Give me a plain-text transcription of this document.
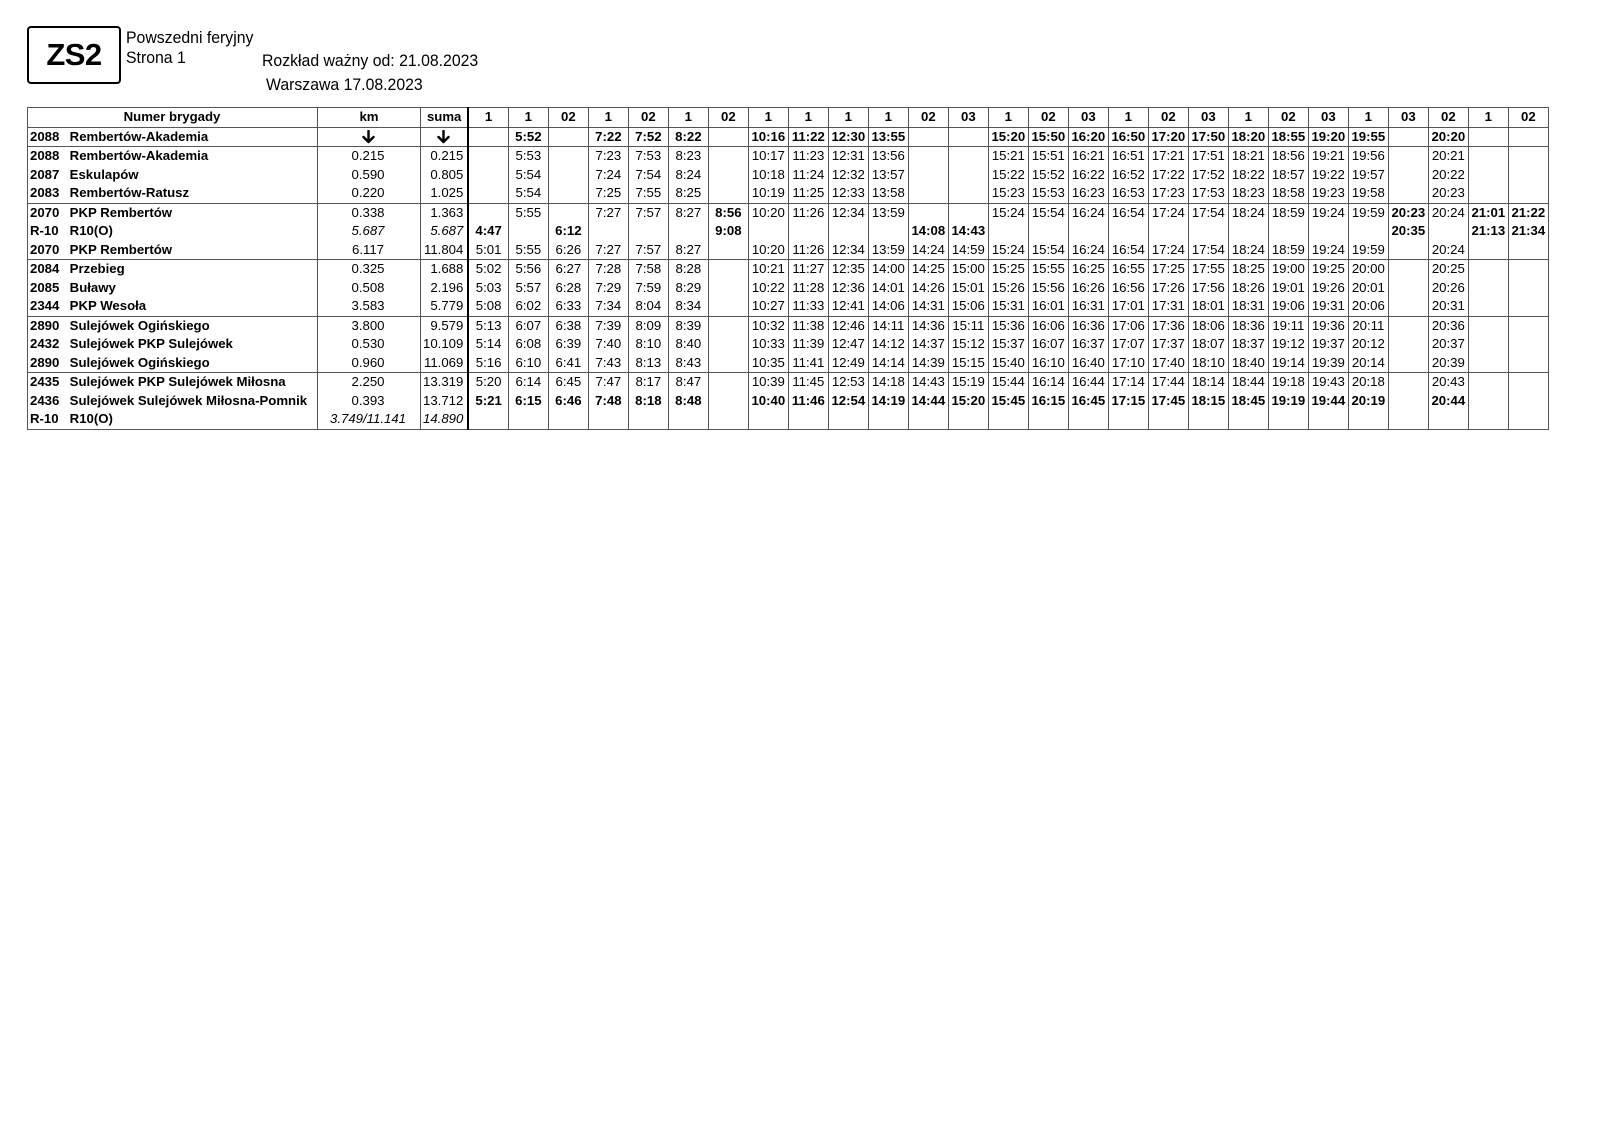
ZS2 Powszedni feryjny
Strona 1	Rozkład ważny od: 21.08.2023
Warszawa 17.08.2023
Numer brygady	km	suma	1	1	02	1	02	1	02	1	1	1	1	02	03	1	02	03	1	02	03	1	02	03	1	03	02	1	02
2088 Rembertów-Akademia				5:52		7:22	7:52	8:22		10:16	11:22	12:30	13:55			15:20	15:50	16:20	16:50	17:20	17:50	18:20	18:55	19:20	19:55		20:20		
2088 Rembertów-Akademia	0.215	0.215		5:53		7:23	7:53	8:23		10:17	11:23	12:31	13:56			15:21	15:51	16:21	16:51	17:21	17:51	18:21	18:56	19:21	19:56		20:21		
2087 Eskulapów	0.590	0.805		5:54		7:24	7:54	8:24		10:18	11:24	12:32	13:57			15:22	15:52	16:22	16:52	17:22	17:52	18:22	18:57	19:22	19:57		20:22		
2083 Rembertów-Ratusz	0.220	1.025		5:54		7:25	7:55	8:25		10:19	11:25	12:33	13:58			15:23	15:53	16:23	16:53	17:23	17:53	18:23	18:58	19:23	19:58		20:23		
2070 PKP Rembertów	0.338	1.363		5:55		7:27	7:57	8:27	8:56	10:20	11:26	12:34	13:59			15:24	15:54	16:24	16:54	17:24	17:54	18:24	18:59	19:24	19:59	20:23	20:24	21:01	21:22
R-10 R10(O)	5.687	5.687	4:47		6:12				9:08					14:08	14:43											20:35		21:13	21:34
2070 PKP Rembertów	6.117	11.804	5:01	5:55	6:26	7:27	7:57	8:27		10:20	11:26	12:34	13:59	14:24	14:59	15:24	15:54	16:24	16:54	17:24	17:54	18:24	18:59	19:24	19:59		20:24		
2084 Przebieg	0.325	1.688	5:02	5:56	6:27	7:28	7:58	8:28		10:21	11:27	12:35	14:00	14:25	15:00	15:25	15:55	16:25	16:55	17:25	17:55	18:25	19:00	19:25	20:00		20:25		
2085 Buławy	0.508	2.196	5:03	5:57	6:28	7:29	7:59	8:29		10:22	11:28	12:36	14:01	14:26	15:01	15:26	15:56	16:26	16:56	17:26	17:56	18:26	19:01	19:26	20:01		20:26		
2344 PKP Wesoła	3.583	5.779	5:08	6:02	6:33	7:34	8:04	8:34		10:27	11:33	12:41	14:06	14:31	15:06	15:31	16:01	16:31	17:01	17:31	18:01	18:31	19:06	19:31	20:06		20:31		
2890 Sulejówek Ogińskiego	3.800	9.579	5:13	6:07	6:38	7:39	8:09	8:39		10:32	11:38	12:46	14:11	14:36	15:11	15:36	16:06	16:36	17:06	17:36	18:06	18:36	19:11	19:36	20:11		20:36		
2432 Sulejówek PKP Sulejówek	0.530	10.109	5:14	6:08	6:39	7:40	8:10	8:40		10:33	11:39	12:47	14:12	14:37	15:12	15:37	16:07	16:37	17:07	17:37	18:07	18:37	19:12	19:37	20:12		20:37		
2890 Sulejówek Ogińskiego	0.960	11.069	5:16	6:10	6:41	7:43	8:13	8:43		10:35	11:41	12:49	14:14	14:39	15:15	15:40	16:10	16:40	17:10	17:40	18:10	18:40	19:14	19:39	20:14		20:39		
2435 Sulejówek PKP Sulejówek Miłosna	2.250	13.319	5:20	6:14	6:45	7:47	8:17	8:47		10:39	11:45	12:53	14:18	14:43	15:19	15:44	16:14	16:44	17:14	17:44	18:14	18:44	19:18	19:43	20:18		20:43		
2436 Sulejówek Sulejówek Miłosna-Pomnik	0.393	13.712	5:21	6:15	6:46	7:48	8:18	8:48		10:40	11:46	12:54	14:19	14:44	15:20	15:45	16:15	16:45	17:15	17:45	18:15	18:45	19:19	19:44	20:19		20:44		
R-10 R10(O)	3.749/11.141	14.890																											
